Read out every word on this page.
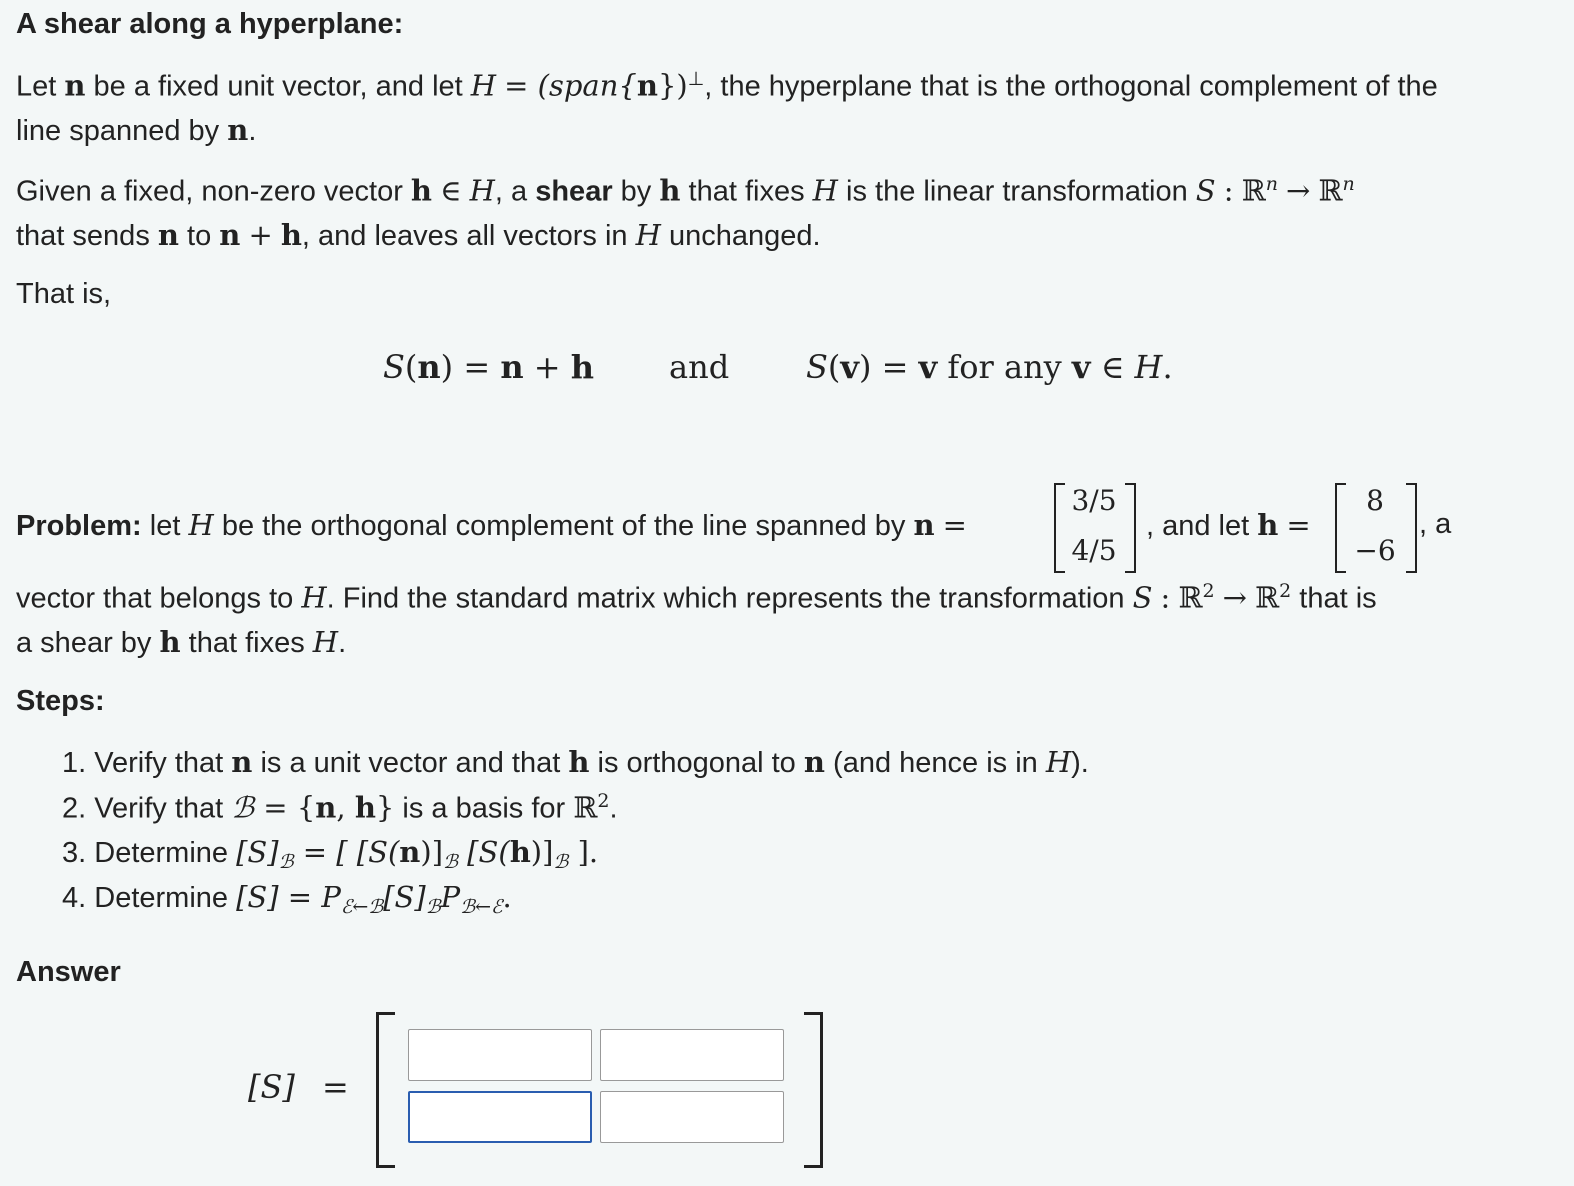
A shear along a hyperplane:
Let n be a fixed unit vector, and let H = (span{n})⊥, the hyperplane that is the orthogonal complement of the
line spanned by n.
Given a fixed, non-zero vector h ∈ H, a shear by h that fixes H is the linear transformation S : ℝ$^n$ → ℝ$^n$
that sends n to n + h, and leaves all vectors in H unchanged.
That is,
S(n) = n + h and S(v) = v for any v ∈ H.
Problem: let H be the orthogonal complement of the line spanned by n =
3/5
4/5
, and let h =
8
−6
, a
vector that belongs to H. Find the standard matrix which represents the transformation S : ℝ$^2$ → ℝ$^2$ that is
a shear by h that fixes H.
Steps:
1. Verify that n is a unit vector and that h is orthogonal to n (and hence is in H).
2. Verify that ℬ = {n, h} is a basis for ℝ$^2$.
3. Determine $[S]_ℬ$ = [ $[S(n)]_ℬ$ $[S(h)]_ℬ$ ].
4. Determine $[S] = P_{ℰ\leftarrow ℬ}[S]_ℬP_{ℬ\leftarrow ℰ}$.
Answer
[S] =
